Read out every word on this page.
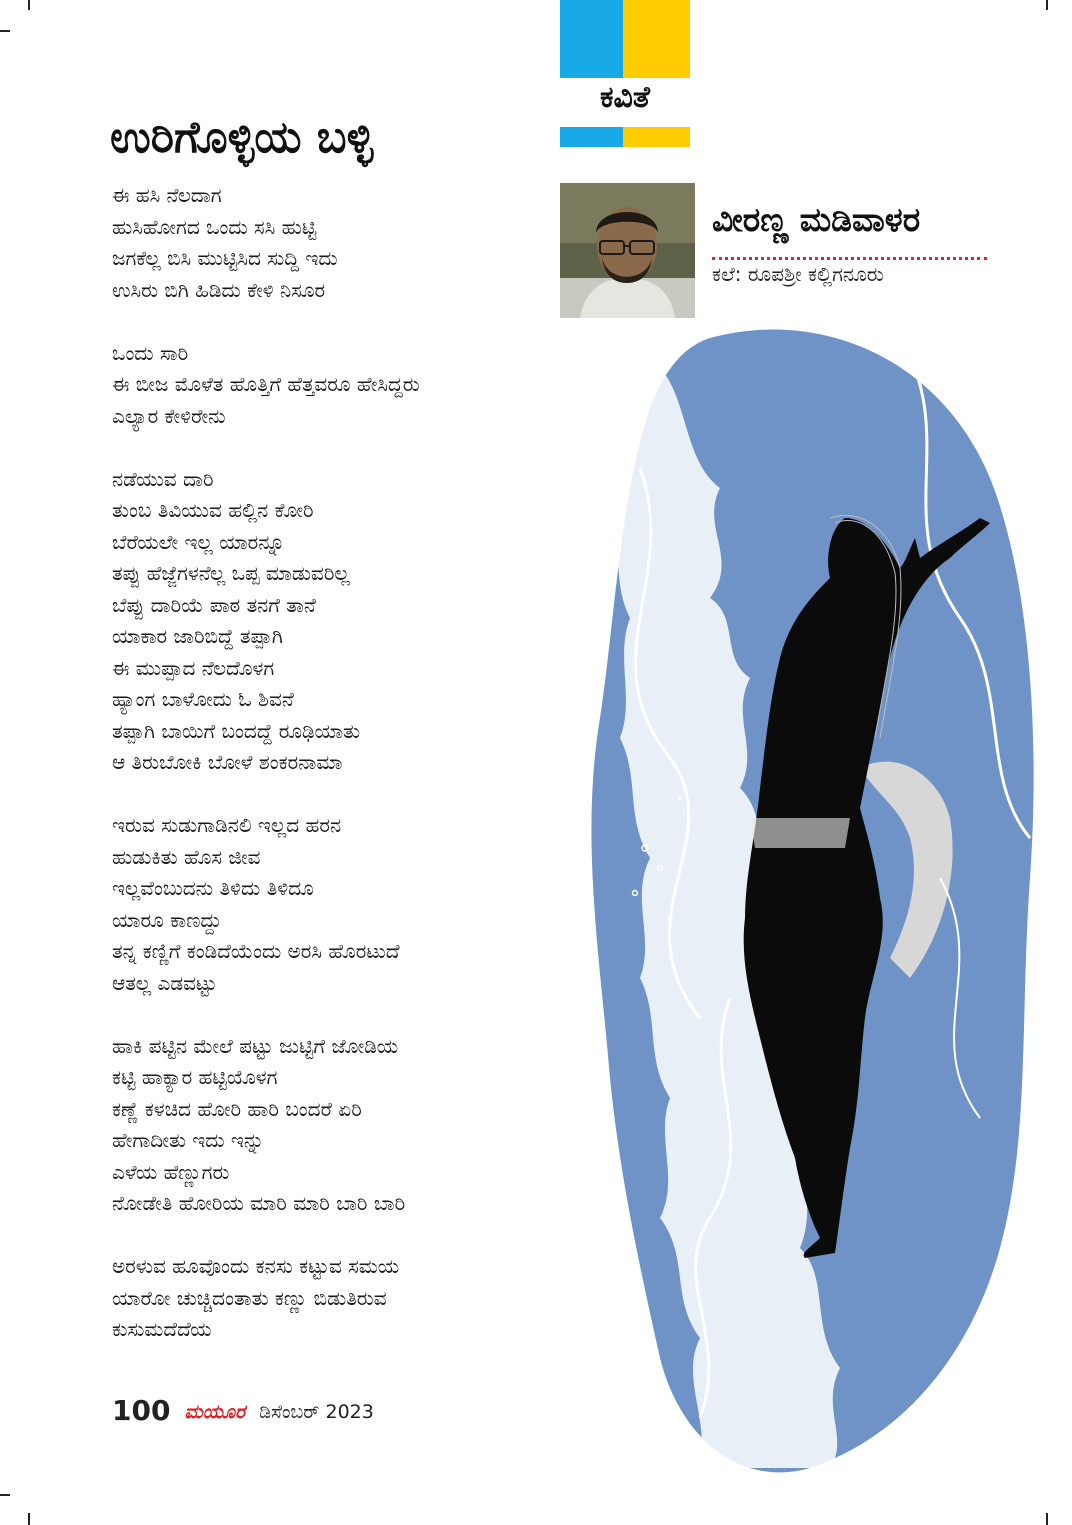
ಕವಿತೆ
ಉರಿಗೊಳ್ಳಿಯ ಬಳ್ಳಿ
ಈ ಹಸಿ ನೆಲದಾಗ
ಹುಸಿಹೋಗದ ಒಂದು ಸಸಿ ಹುಟ್ಟಿ
ಜಗಕೆಲ್ಲ ಬಿಸಿ ಮುಟ್ಟಿಸಿದ ಸುದ್ದಿ ಇದು
ಉಸಿರು ಬಿಗಿ ಹಿಡಿದು ಕೇಳಿ ನಿಸೂರ
ಒಂದು ಸಾರಿ
ಈ ಬೀಜ ಮೊಳೆತ ಹೊತ್ತಿಗೆ ಹೆತ್ತವರೂ ಹೇಸಿದ್ದರು
ಎಲ್ಯಾರ ಕೇಳಿರೇನು
ನಡೆಯುವ ದಾರಿ
ತುಂಬ ತಿವಿಯುವ ಹಲ್ಲಿನ ಕೋರಿ
ಬೆರೆಯಲೇ ಇಲ್ಲ ಯಾರನ್ನೂ
ತಪ್ಪು ಹೆಜ್ಜೆಗಳನೆಲ್ಲ ಒಪ್ಪ ಮಾಡುವರಿಲ್ಲ
ಬೆಪ್ಪು ದಾರಿಯೆ ಪಾಠ ತನಗೆ ತಾನೆ
ಯಾಕಾರ ಜಾರಿಬಿದ್ದೆ ತಪ್ಪಾಗಿ
ಈ ಮುಪ್ಪಾದ ನೆಲದೊಳಗ
ಹ್ಯಾಂಗ ಬಾಳೋದು ಓ ಶಿವನೆ
ತಪ್ಪಾಗಿ ಬಾಯಿಗೆ ಬಂದದ್ದೆ ರೂಢಿಯಾತು
ಆ ತಿರುಬೋಕಿ ಬೋಳೆ ಶಂಕರನಾಮಾ
ಇರುವ ಸುಡುಗಾಡಿನಲಿ ಇಲ್ಲದ ಹರನ
ಹುಡುಕಿತು ಹೊಸ ಜೀವ
ಇಲ್ಲವೆಂಬುದನು ತಿಳಿದು ತಿಳಿದೂ
ಯಾರೂ ಕಾಣದ್ದು
ತನ್ನ ಕಣ್ಣಿಗೆ ಕಂಡಿದೆಯೆಂದು ಅರಸಿ ಹೊರಟುದೆ
ಆತಲ್ಲ ಎಡವಟ್ಟು
ಹಾಕಿ ಪಟ್ಟಿನ ಮೇಲೆ ಪಟ್ಟು ಜುಟ್ಟಿಗೆ ಜೋಡಿಯ
ಕಟ್ಟಿ ಹಾಕ್ಯಾರ ಹಟ್ಟಿಯೊಳಗ
ಕಣ್ಣೆ ಕಳಚಿದ ಹೋರಿ ಹಾರಿ ಬಂದರೆ ಏರಿ
ಹೇಗಾದೀತು ಇದು ಇನ್ನು
ಎಳೆಯ ಹೆಣ್ಣುಗರು
ನೋಡೇತಿ ಹೋರಿಯ ಮಾರಿ ಮಾರಿ ಬಾರಿ ಬಾರಿ
ಅರಳುವ ಹೂವೊಂದು ಕನಸು ಕಟ್ಟುವ ಸಮಯ
ಯಾರೋ ಚುಚ್ಚಿದಂತಾತು ಕಣ್ಣು ಬಿಡುತಿರುವ
ಕುಸುಮದೆದೆಯ
ವೀರಣ್ಣ ಮಡಿವಾಳರ
ಕಲೆ: ರೂಪಶ್ರೀ ಕಲ್ಲಿಗನೂರು
100 ಮಯೂರ ಡಿಸೆಂಬರ್ 2023
